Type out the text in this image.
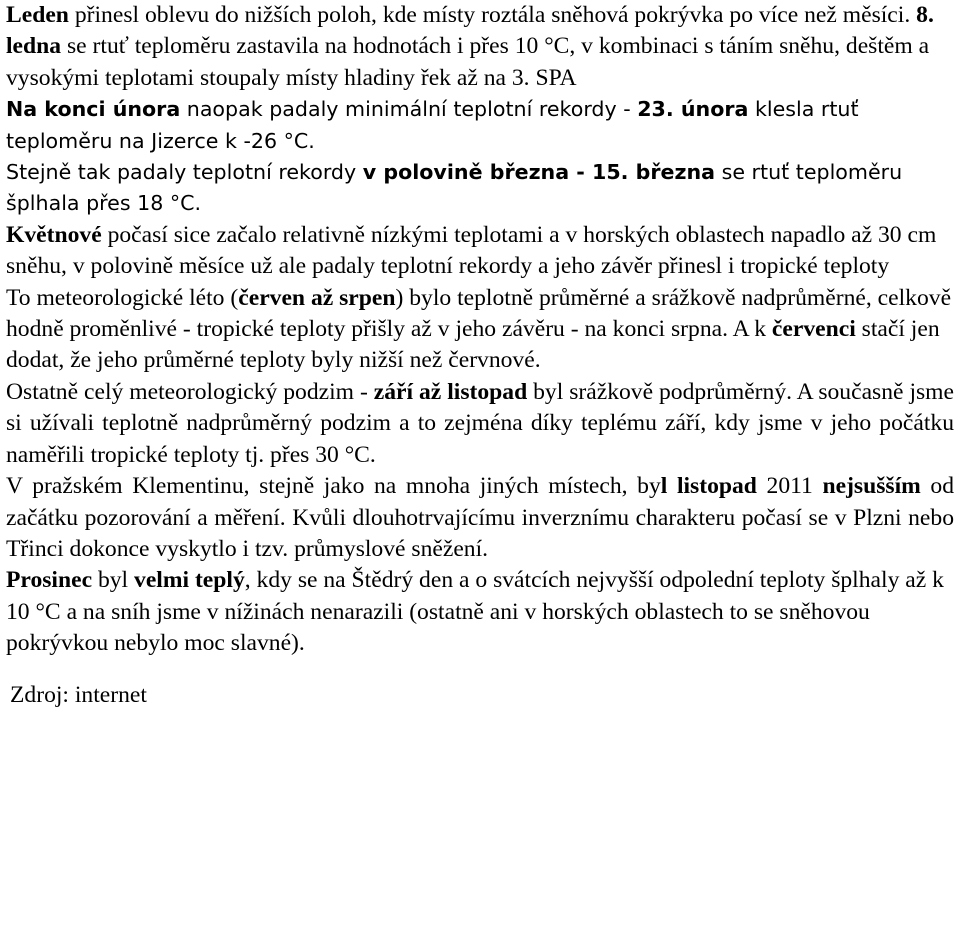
Leden přinesl oblevu do nižších poloh, kde místy roztála sněhová pokrývka po více než měsíci. 8. ledna se rtuť teploměru zastavila na hodnotách i přes 10 °C, v kombinaci s táním sněhu, deštěm a vysokými teplotami stoupaly místy hladiny řek až na 3. SPA

Na konci února naopak padaly minimální teplotní rekordy - 23. února klesla rtuť teploměru na Jizerce k -26 °C.

Stejně tak padaly teplotní rekordy v polovině března - 15. března se rtuť teploměru šplhala přes 18 °C.

Květnové počasí sice začalo relativně nízkými teplotami a v horských oblastech napadlo až 30 cm sněhu, v polovině měsíce už ale padaly teplotní rekordy a jeho závěr přinesl i tropické teploty

To meteorologické léto (červen až srpen) bylo teplotně průměrné a srážkově nadprůměrné, celkově hodně proměnlivé - tropické teploty přišly až v jeho závěru - na konci srpna. A k červenci stačí jen dodat, že jeho průměrné teploty byly nižší než červnové.

Ostatně celý meteorologický podzim - září až listopad byl srážkově podprůměrný. A současně jsme si užívali teplotně nadprůměrný podzim a to zejména díky teplému září, kdy jsme v jeho počátku naměřili tropické teploty tj. přes 30 °C.

V pražském Klementinu, stejně jako na mnoha jiných místech, byl listopad 2011 nejsušším od začátku pozorování a měření. Kvůli dlouhotrvajícímu inverznímu charakteru počasí se v Plzni nebo Třinci dokonce vyskytlo i tzv. průmyslové sněžení.

Prosinec byl velmi teplý, kdy se na Štědrý den a o svátcích nejvyšší odpolední teploty šplhaly až k 10 °C a na sníh jsme v nížinách nenarazili (ostatně ani v horských oblastech to se sněhovou pokrývkou nebylo moc slavné).

Zdroj: internet
